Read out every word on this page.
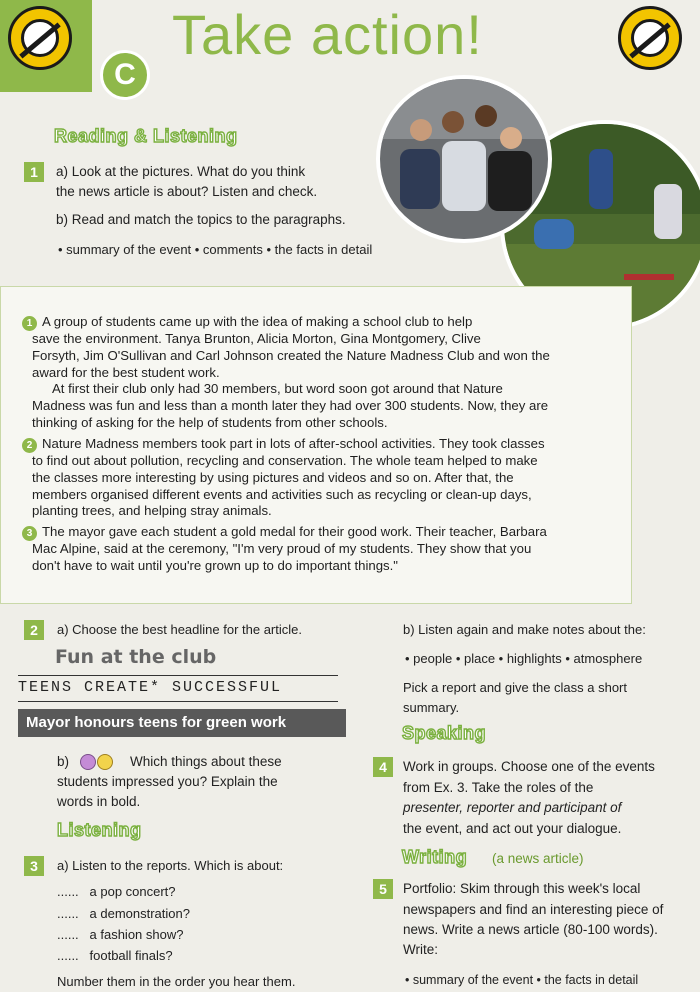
C
Take action!
Reading & Listening
1	a) Look at the pictures. What do you think
the news article is about? Listen and check.
b) Read and match the topics to the paragraphs.
• summary of the event • comments • the facts in detail
1 A group of students came up with the idea of making a school club to help
save the environment. Tanya Brunton, Alicia Morton, Gina Montgomery, Clive
Forsyth, Jim O'Sullivan and Carl Johnson created the Nature Madness Club and won the
award for the best student work.
At first their club only had 30 members, but word soon got around that Nature
Madness was fun and less than a month later they had over 300 students. Now, they are
thinking of asking for the help of students from other schools.
2 Nature Madness members took part in lots of after-school activities. They took classes
to find out about pollution, recycling and conservation. The whole team helped to make
the classes more interesting by using pictures and videos and so on. After that, the
members organised different events and activities such as recycling or clean-up days,
planting trees, and helping stray animals.
3 The mayor gave each student a gold medal for their good work. Their teacher, Barbara
Mac Alpine, said at the ceremony, "I'm very proud of my students. They show that you
don't have to wait until you're grown up to do important things."
2	a) Choose the best headline for the article.
Fun at the club
TEENS CREATE* SUCCESSFUL
Mayor honours teens for green work
b)	Which things about these
students impressed you? Explain the
words in bold.
Listening
3	a) Listen to the reports. Which is about:
...... a pop concert?
...... a demonstration?
...... a fashion show?
...... football finals?
Number them in the order you hear them.
b) Listen again and make notes about the:
• people • place • highlights • atmosphere
Pick a report and give the class a short
summary.
Speaking
4	Work in groups. Choose one of the events
from Ex. 3. Take the roles of the
presenter, reporter and participant of
the event, and act out your dialogue.
Writing (a news article)
5	Portfolio: Skim through this week's local
newspapers and find an interesting piece of
news. Write a news article (80-100 words).
Write:
• summary of the event • the facts in detail
